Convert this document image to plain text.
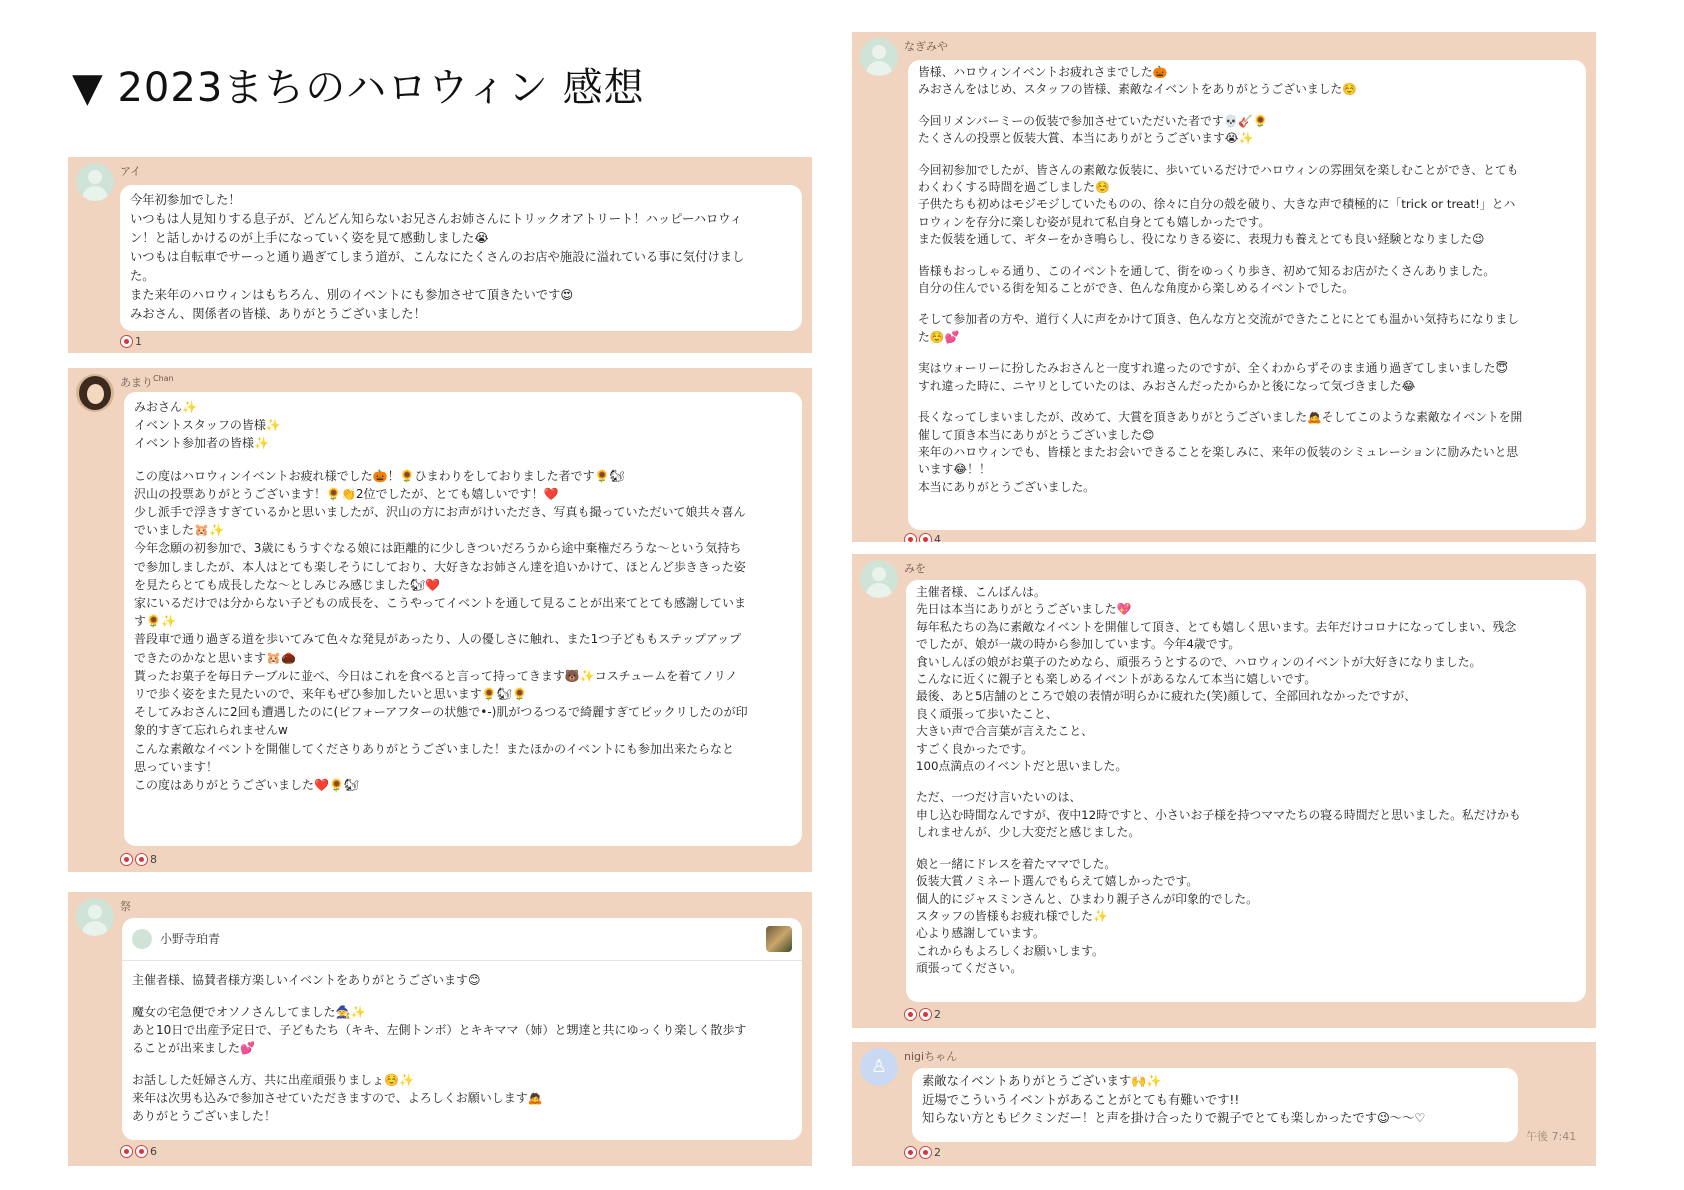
▼ 2023まちのハロウィン 感想
アイ

今年初参加でした！

いつもは人見知りする息子が、どんどん知らないお兄さんお姉さんにトリックオアトリート！ハッピーハロウィ

ン！と話しかけるのが上手になっていく姿を見て感動しました😭

いつもは自転車でサーっと通り過ぎてしまう道が、こんなにたくさんのお店や施設に溢れている事に気付けまし

た。

また来年のハロウィンはもちろん、別のイベントにも参加させて頂きたいです😍

みおさん、関係者の皆様、ありがとうございました！

1
あまり$^{Chan}$

みおさん✨

イベントスタッフの皆様✨

イベント参加者の皆様✨

この度はハロウィンイベントお疲れ様でした🎃！🌻ひまわりをしておりました者です🌻🐿

沢山の投票ありがとうございます！🌻👏2位でしたが、とても嬉しいです！❤️

少し派手で浮きすぎているかと思いましたが、沢山の方にお声がけいただき、写真も撮っていただいて娘共々喜ん

でいました🐹✨

今年念願の初参加で、3歳にもうすぐなる娘には距離的に少しきついだろうから途中棄権だろうな〜という気持ち

で参加しましたが、本人はとても楽しそうにしており、大好きなお姉さん達を追いかけて、ほとんど歩ききった姿

を見たらとても成長したな〜としみじみ感じました🐿❤️

家にいるだけでは分からない子どもの成長を、こうやってイベントを通して見ることが出来てとても感謝していま

す🌻✨

普段車で通り過ぎる道を歩いてみて色々な発見があったり、人の優しさに触れ、また1つ子どももステップアップ

できたのかなと思います🐹🌰

貰ったお菓子を毎日テーブルに並べ、今日はこれを食べると言って持ってきます🐻✨コスチュームを着てノリノ

リで歩く姿をまた見たいので、来年もぜひ参加したいと思います🌻🐿🌻

そしてみおさんに2回も遭遇したのに(ビフォーアフターの状態で•-)肌がつるつるで綺麗すぎてビックリしたのが印

象的すぎて忘れられませんw

こんな素敵なイベントを開催してくださりありがとうございました！またほかのイベントにも参加出来たらなと

思っています！

この度はありがとうございました❤️🌻🐿

8
祭
小野寺珀青

主催者様、協賛者様方楽しいイベントをありがとうございます😊

魔女の宅急便でオソノさんしてました🧙✨

あと10日で出産予定日で、子どもたち（キキ、左側トンボ）とキキママ（姉）と甥達と共にゆっくり楽しく散歩す

ることが出来ました💕

お話しした妊婦さん方、共に出産頑張りましょ☺️✨

来年は次男も込みで参加させていただきますので、よろしくお願いします🙇

ありがとうございました！

6
なぎみや

皆様、ハロウィンイベントお疲れさまでした🎃

みおさんをはじめ、スタッフの皆様、素敵なイベントをありがとうございました☺️

今回リメンバーミーの仮装で参加させていただいた者です💀🎸🌻

たくさんの投票と仮装大賞、本当にありがとうございます😭✨

今回初参加でしたが、皆さんの素敵な仮装に、歩いているだけでハロウィンの雰囲気を楽しむことができ、とても

わくわくする時間を過ごしました☺️

子供たちも初めはモジモジしていたものの、徐々に自分の殻を破り、大きな声で積極的に「trick or treat!」とハ

ロウィンを存分に楽しむ姿が見れて私自身とても嬉しかったです。

また仮装を通して、ギターをかき鳴らし、役になりきる姿に、表現力も養えとても良い経験となりました😉

皆様もおっしゃる通り、このイベントを通して、街をゆっくり歩き、初めて知るお店がたくさんありました。

自分の住んでいる街を知ることができ、色んな角度から楽しめるイベントでした。

そして参加者の方や、道行く人に声をかけて頂き、色んな方と交流ができたことにとても温かい気持ちになりまし

た☺️💕

実はウォーリーに扮したみおさんと一度すれ違ったのですが、全くわからずそのまま通り過ぎてしまいました😇

すれ違った時に、ニヤリとしていたのは、みおさんだったからかと後になって気づきました😂

長くなってしまいましたが、改めて、大賞を頂きありがとうございました🙇そしてこのような素敵なイベントを開

催して頂き本当にありがとうございました😊

来年のハロウィンでも、皆様とまたお会いできることを楽しみに、来年の仮装のシミュレーションに励みたいと思

います😂！！

本当にありがとうございました。

4
みを

主催者様、こんばんは。

先日は本当にありがとうございました💖

毎年私たちの為に素敵なイベントを開催して頂き、とても嬉しく思います。去年だけコロナになってしまい、残念

でしたが、娘が一歳の時から参加しています。今年4歳です。

食いしんぼの娘がお菓子のためなら、頑張ろうとするので、ハロウィンのイベントが大好きになりました。

こんなに近くに親子とも楽しめるイベントがあるなんて本当に嬉しいです。

最後、あと5店舗のところで娘の表情が明らかに疲れた(笑)顔して、全部回れなかったですが、

良く頑張って歩いたこと、

大きい声で合言葉が言えたこと、

すごく良かったです。

100点満点のイベントだと思いました。

ただ、一つだけ言いたいのは、

申し込む時間なんですが、夜中12時ですと、小さいお子様を持つママたちの寝る時間だと思いました。私だけかも

しれませんが、少し大変だと感じました。

娘と一緒にドレスを着たママでした。

仮装大賞ノミネート選んでもらえて嬉しかったです。

個人的にジャスミンさんと、ひまわり親子さんが印象的でした。

スタッフの皆様もお疲れ様でした✨

心より感謝しています。

これからもよろしくお願いします。

頑張ってください。

2
♙ nigiちゃん

素敵なイベントありがとうございます🙌✨

近場でこういうイベントがあることがとても有難いです!!

知らない方ともピクミンだー！と声を掛け合ったりで親子でとても楽しかったです😉〜〜♡

午後 7:41
2
